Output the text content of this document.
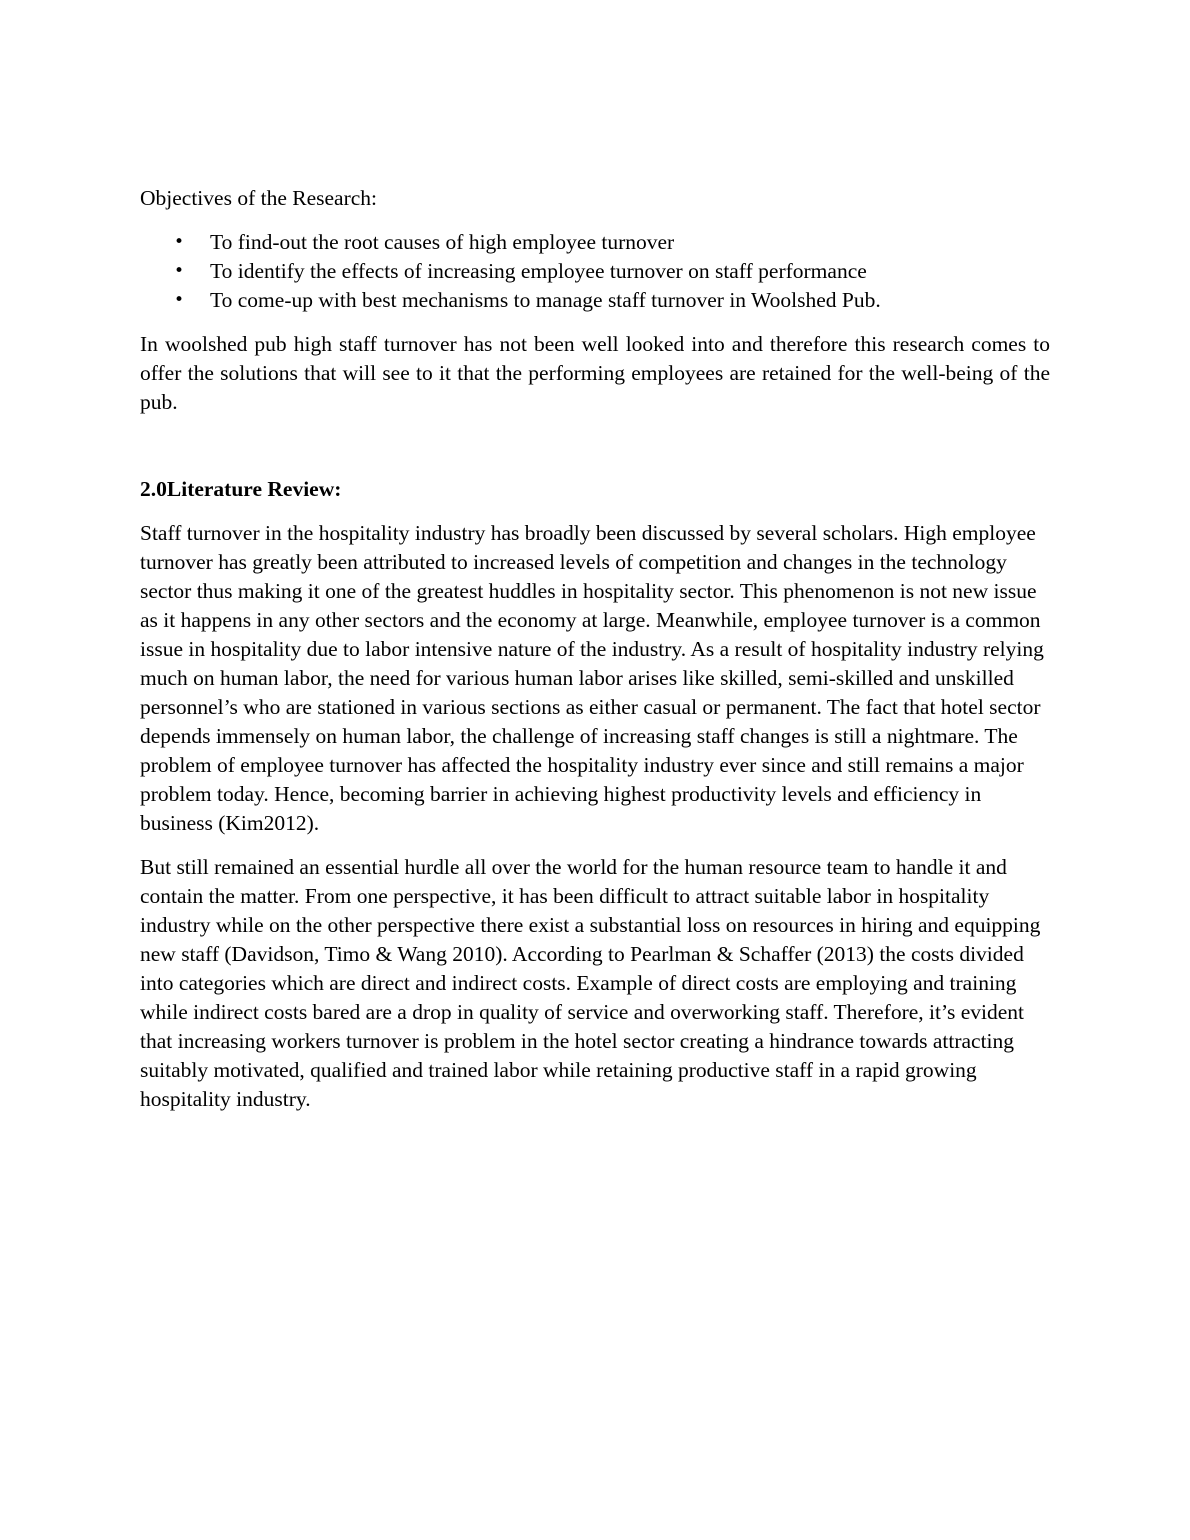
Objectives of the Research:

• To find-out the root causes of high employee turnover
• To identify the effects of increasing employee turnover on staff performance
• To come-up with best mechanisms to manage staff turnover in Woolshed Pub.

In woolshed pub high staff turnover has not been well looked into and therefore this research comes to offer the solutions that will see to it that the performing employees are retained for the well-being of the pub.

2.0Literature Review:

Staff turnover in the hospitality industry has broadly been discussed by several scholars. High employee turnover has greatly been attributed to increased levels of competition and changes in the technology sector thus making it one of the greatest huddles in hospitality sector. This phenomenon is not new issue as it happens in any other sectors and the economy at large. Meanwhile, employee turnover is a common issue in hospitality due to labor intensive nature of the industry. As a result of hospitality industry relying much on human labor, the need for various human labor arises like skilled, semi-skilled and unskilled personnel’s who are stationed in various sections as either casual or permanent. The fact that hotel sector depends immensely on human labor, the challenge of increasing staff changes is still a nightmare. The problem of employee turnover has affected the hospitality industry ever since and still remains a major problem today. Hence, becoming barrier in achieving highest productivity levels and efficiency in business (Kim2012).

But still remained an essential hurdle all over the world for the human resource team to handle it and contain the matter. From one perspective, it has been difficult to attract suitable labor in hospitality industry while on the other perspective there exist a substantial loss on resources in hiring and equipping new staff (Davidson, Timo & Wang 2010). According to Pearlman & Schaffer (2013) the costs divided into categories which are direct and indirect costs. Example of direct costs are employing and training while indirect costs bared are a drop in quality of service and overworking staff. Therefore, it’s evident that increasing workers turnover is problem in the hotel sector creating a hindrance towards attracting suitably motivated, qualified and trained labor while retaining productive staff in a rapid growing hospitality industry.
